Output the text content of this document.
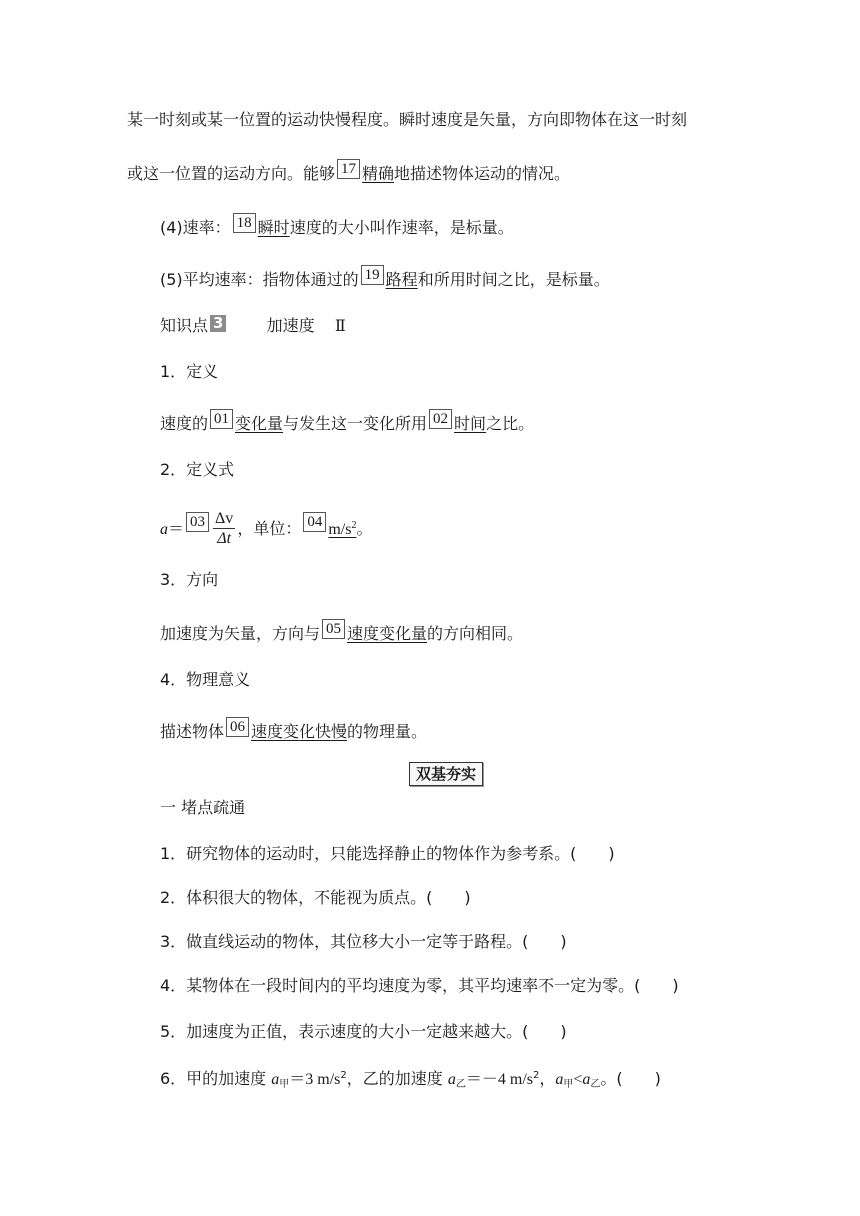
某一时刻或某一位置的运动快慢程度。瞬时速度是矢量，方向即物体在这一时刻
或这一位置的运动方向。能够 17 精确地描述物体运动的情况。
(4)速率： 18 瞬时速度的大小叫作速率，是标量。
(5)平均速率：指物体通过的 19 路程和所用时间之比，是标量。
知识点 3	加速度 Ⅱ
1．定义
速度的 01 变化量与发生这一变化所用 02 时间之比。
2．定义式
$a= 03 \frac{\Delta v}{\Delta t}$ ，单位： 04 $m/s^2$。
3．方向
加速度为矢量，方向与 05 速度变化量的方向相同。
4．物理意义
描述物体 06 速度变化快慢的物理量。
双基夯实
一 堵点疏通
1．研究物体的运动时，只能选择静止的物体作为参考系。(　　)
2．体积很大的物体，不能视为质点。(　　)
3．做直线运动的物体，其位移大小一定等于路程。(　　)
4．某物体在一段时间内的平均速度为零，其平均速率不一定为零。(　　)
5．加速度为正值，表示速度的大小一定越来越大。(　　)
6．甲的加速度 $a_甲=3$ $m/s^2$，乙的加速度 $a_乙=-4$ $m/s^2$，$a_甲<a_乙$。(　　)
